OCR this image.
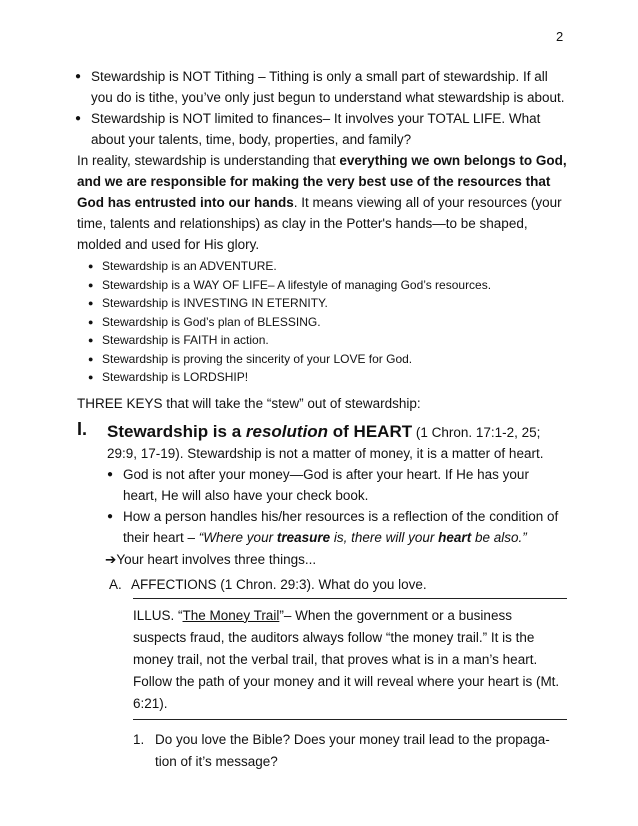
2

● Stewardship is NOT Tithing – Tithing is only a small part of stewardship. If all you do is tithe, you’ve only just begun to understand what stewardship is about.

● Stewardship is NOT limited to finances– It involves your TOTAL LIFE. What about your talents, time, body, properties, and family?

In reality, stewardship is understanding that everything we own belongs to God, and we are responsible for making the very best use of the resources that God has entrusted into our hands. It means viewing all of your resources (your time, talents and relationships) as clay in the Potter's hands—to be shaped, molded and used for His glory.

● Stewardship is an ADVENTURE.

● Stewardship is a WAY OF LIFE– A lifestyle of managing God’s resources.

● Stewardship is INVESTING IN ETERNITY.

● Stewardship is God’s plan of BLESSING.

● Stewardship is FAITH in action.

● Stewardship is proving the sincerity of your LOVE for God.

● Stewardship is LORDSHIP!

THREE KEYS that will take the “stew” out of stewardship:

I. Stewardship is a resolution of HEART (1 Chron. 17:1-2, 25; 29:9, 17-19). Stewardship is not a matter of money, it is a matter of heart.

● God is not after your money—God is after your heart. If He has your heart, He will also have your check book.

● How a person handles his/her resources is a reflection of the condition of their heart – “Where your treasure is, there will your heart be also.”

➔Your heart involves three things...

A. AFFECTIONS (1 Chron. 29:3). What do you love.
ILLUS. “The Money Trail”– When the government or a business suspects fraud, the auditors always follow “the money trail.” It is the money trail, not the verbal trail, that proves what is in a man’s heart. Follow the path of your money and it will reveal where your heart is (Mt. 6:21).
1. Do you love the Bible? Does your money trail lead to the propaga-tion of it’s message?
